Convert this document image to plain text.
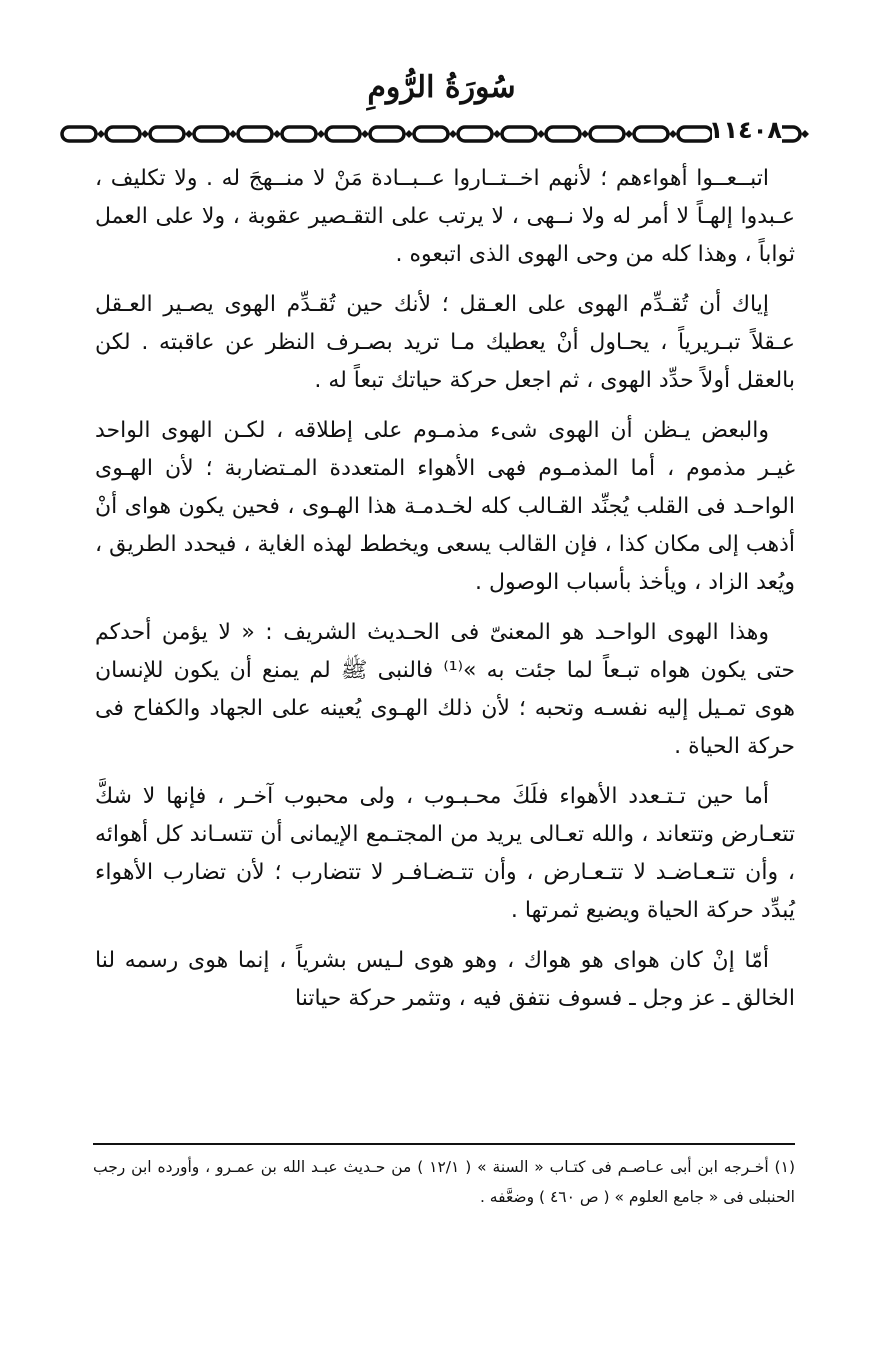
سُورَةُ الرُّومِ
١١٤٠٨

اتبــعــوا أهواءهم ؛ لأنهم اخــتــاروا عــبــادة مَنْ لا منــهجَ له . ولا تكليف ، عـبدوا إلهـاً لا أمر له ولا نــهى ، لا يرتب على التقـصير عقوبة ، ولا على العمل ثواباً ، وهذا كله من وحى الهوى الذى اتبعوه .

إياك أن تُقـدِّم الهوى على العـقل ؛ لأنك حين تُقـدِّم الهوى يصـير العـقل عـقلاً تبـريرياً ، يحـاول أنْ يعطيك مـا تريد بصـرف النظر عن عاقبته . لكن بالعقل أولاً حدِّد الهوى ، ثم اجعل حركة حياتك تبعاً له .

والبعض يـظن أن الهوى شىء مذمـوم على إطلاقه ، لكـن الهوى الواحد غيـر مذموم ، أما المذمـوم فهى الأهواء المتعددة المـتضاربة ؛ لأن الهـوى الواحـد فى القلب يُجنِّد القـالب كله لخـدمـة هذا الهـوى ، فحين يكون هواى أنْ أذهب إلى مكان كذا ، فإن القالب يسعى ويخطط لهذه الغاية ، فيحدد الطريق ، ويُعد الزاد ، ويأخذ بأسباب الوصول .

وهذا الهوى الواحـد هو المعنىّ فى الحـديث الشريف : « لا يؤمن أحدكم حتى يكون هواه تبـعاً لما جئت به »⁽¹⁾ فالنبى ﷺ لم يمنع أن يكون للإنسان هوى تمـيل إليه نفسـه وتحبه ؛ لأن ذلك الهـوى يُعينه على الجهاد والكفاح فى حركة الحياة .

أما حين تـتـعدد الأهواء فلَكَ محـبـوب ، ولى محبوب آخـر ، فإنها لا شكَّ تتعـارض وتتعاند ، والله تعـالى يريد من المجتـمع الإيمانى أن تتسـاند كل أهوائه ، وأن تتـعـاضـد لا تتـعـارض ، وأن تتـضـافـر لا تتضارب ؛ لأن تضارب الأهواء يُبدِّد حركة الحياة ويضيع ثمرتها .

أمّا إنْ كان هواى هو هواك ، وهو هوى لـيس بشرياً ، إنما هوى رسمه لنا الخالق ـ عز وجل ـ فسوف نتفق فيه ، وتثمر حركة حياتنا

(١) أخـرجه ابن أبى عـاصـم فى كتـاب « السنة » ( ١٢/١ ) من حـديث عبـد الله بن عمـرو ، وأورده ابن رجب الحنبلى فى « جامع العلوم » ( ص ٤٦٠ ) وضعَّفه .
